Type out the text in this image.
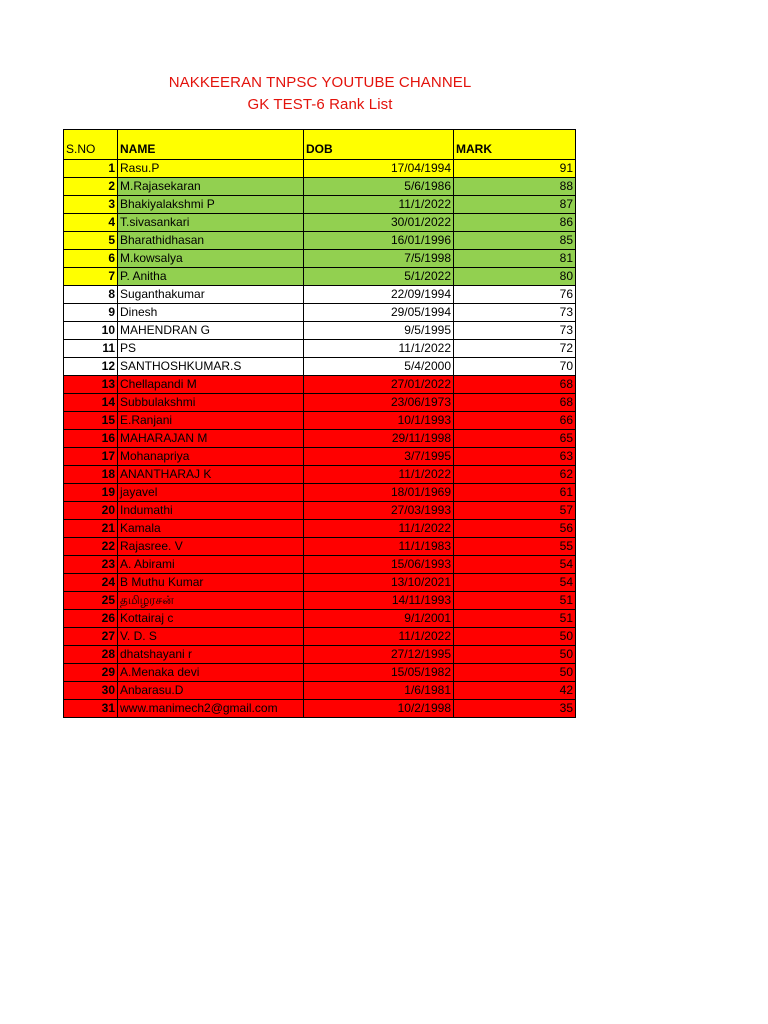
NAKKEERAN TNPSC YOUTUBE CHANNEL
GK TEST-6 Rank List
S.NO	NAME	DOB	MARK
1	Rasu.P	17/04/1994	91
2	M.Rajasekaran	5/6/1986	88
3	Bhakiyalakshmi P	11/1/2022	87
4	T.sivasankari	30/01/2022	86
5	Bharathidhasan	16/01/1996	85
6	M.kowsalya	7/5/1998	81
7	P. Anitha	5/1/2022	80
8	Suganthakumar	22/09/1994	76
9	Dinesh	29/05/1994	73
10	MAHENDRAN G	9/5/1995	73
11	PS	11/1/2022	72
12	SANTHOSHKUMAR.S	5/4/2000	70
13	Chellapandi M	27/01/2022	68
14	Subbulakshmi	23/06/1973	68
15	E.Ranjani	10/1/1993	66
16	MAHARAJAN M	29/11/1998	65
17	Mohanapriya	3/7/1995	63
18	ANANTHARAJ K	11/1/2022	62
19	jayavel	18/01/1969	61
20	Indumathi	27/03/1993	57
21	Kamala	11/1/2022	56
22	Rajasree. V	11/1/1983	55
23	A. Abirami	15/06/1993	54
24	B Muthu Kumar	13/10/2021	54
25	தமிழரசன்	14/11/1993	51
26	Kottairaj c	9/1/2001	51
27	V. D. S	11/1/2022	50
28	dhatshayani r	27/12/1995	50
29	A.Menaka devi	15/05/1982	50
30	Anbarasu.D	1/6/1981	42
31	www.manimech2@gmail.com	10/2/1998	35
